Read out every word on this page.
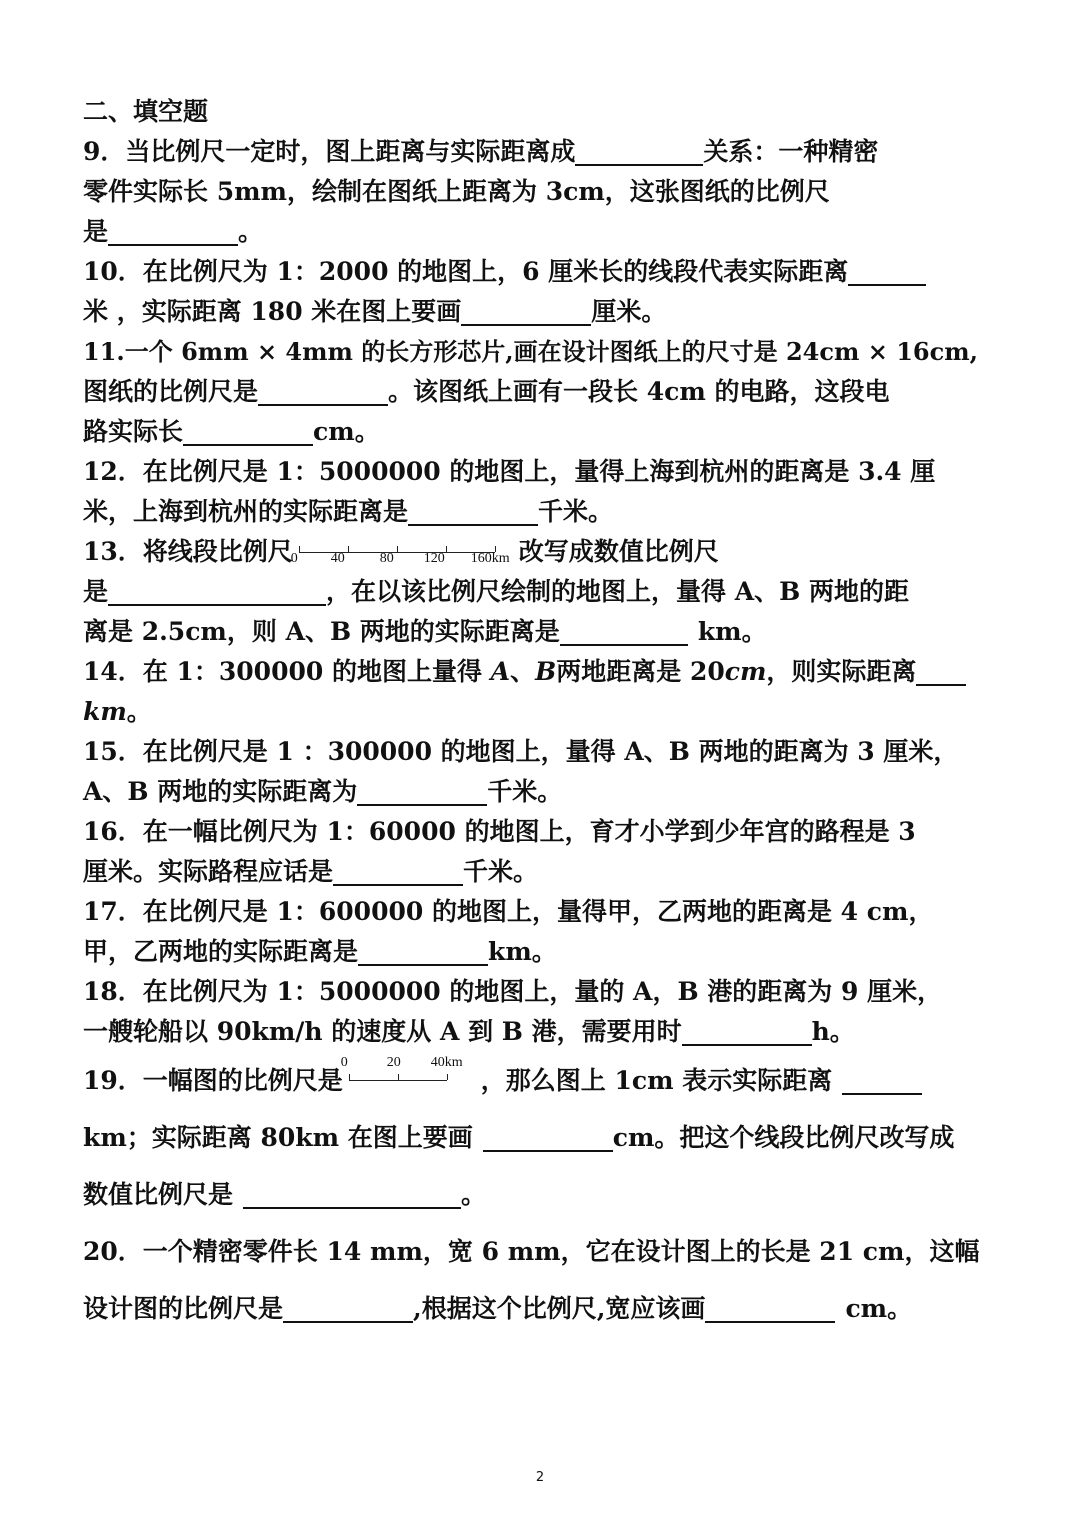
二、填空题
9．当比例尺一定时，图上距离与实际距离成	关系：一种精密
零件实际长 5mm，绘制在图纸上距离为 3cm，这张图纸的比例尺
是	。
10．在比例尺为 1：2000 的地图上，6 厘米长的线段代表实际距离
米 ，实际距离 180 米在图上要画	厘米。
11.一个 6mm × 4mm 的长方形芯片,画在设计图纸上的尺寸是 24cm × 16cm,
图纸的比例尺是	。该图纸上画有一段长 4cm 的电路，这段电
路实际长	cm。
12．在比例尺是 1：5000000 的地图上，量得上海到杭州的距离是 3.4 厘
米，上海到杭州的实际距离是	千米。
13．将线段比例尺
0 40	80 120 160km 改写成数值比例尺
是	，在以该比例尺绘制的地图上，量得 A、B 两地的距
离是 2.5cm，则 A、B 两地的实际距离是	km。
14．在 1：300000 的地图上量得 A、B两地距离是 20cm，则实际距离
km。
15．在比例尺是 1 ：300000 的地图上，量得 A、B 两地的距离为 3 厘米，
A、B 两地的实际距离为	千米。
16．在一幅比例尺为 1：60000 的地图上，育才小学到少年宫的路程是 3
厘米。实际路程应话是	千米。
17．在比例尺是 1：600000 的地图上，量得甲，乙两地的距离是 4 cm，
甲，乙两地的实际距离是	km。
18．在比例尺为 1：5000000 的地图上，量的 A，B 港的距离为 9 厘米，
一艘轮船以 90km/h 的速度从 A 到 B 港，需要用时	h。
19．一幅图的比例尺是
0	20 40km
，那么图上 1cm 表示实际距离
km；实际距离 80km 在图上要画	cm。把这个线段比例尺改写成
数值比例尺是	。
20．一个精密零件长 14 mm，宽 6 mm，它在设计图上的长是 21 cm，这幅
设计图的比例尺是	,根据这个比例尺,宽应该画	cm。
2
